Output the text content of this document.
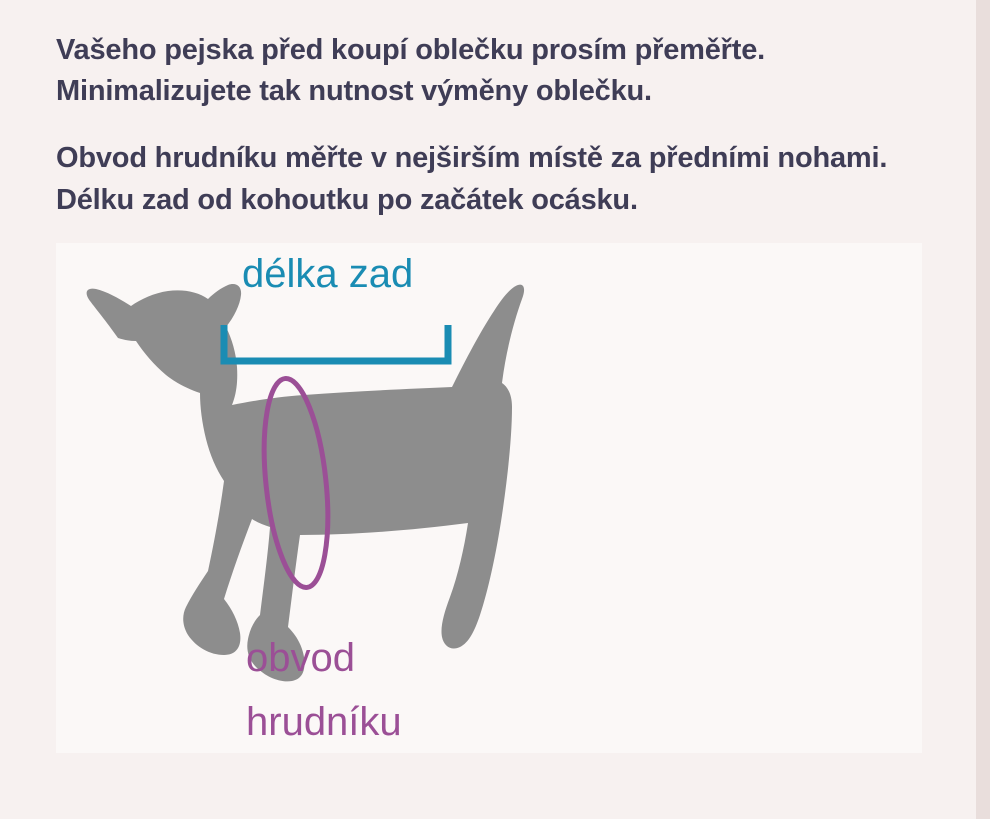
Vašeho pejska před koupí oblečku prosím přeměřte. Minimalizujete tak nutnost výměny oblečku.

Obvod hrudníku měřte v nejširším místě za předními nohami. Délku zad od kohoutku po začátek ocásku.

délka zad
obvod
hrudníku
